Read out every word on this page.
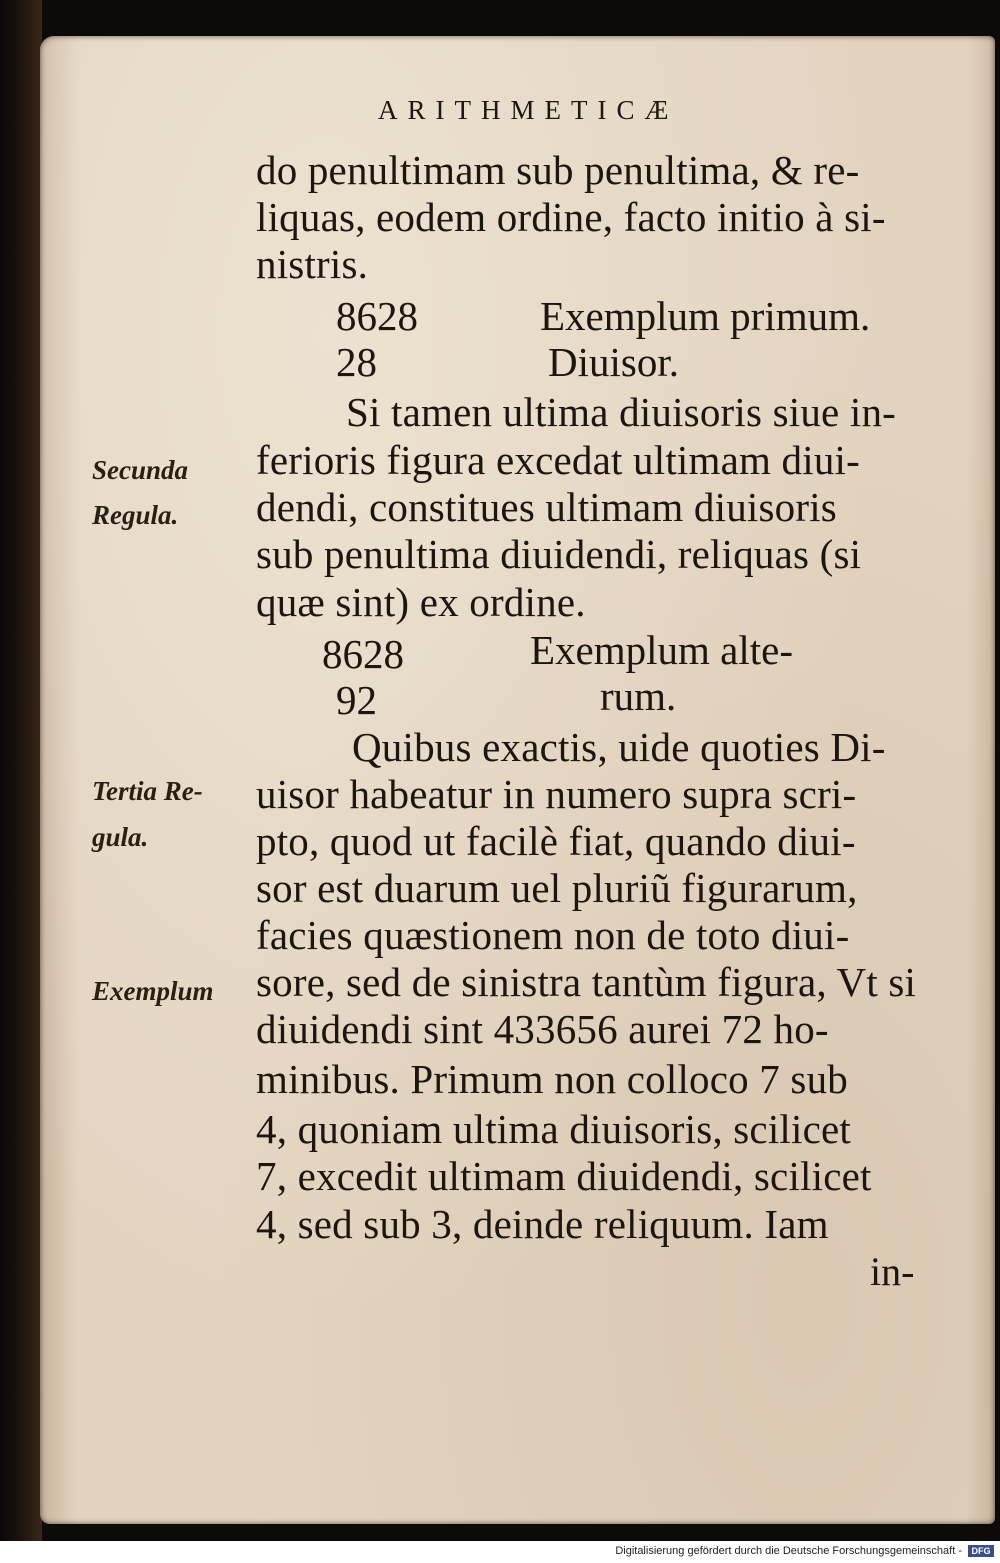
ARITHMETICÆ
do penultimam sub penultima, & re-
liquas, eodem ordine, facto initio à si-
nistris.
8628	Exemplum primum.
28	Diuisor.
Si tamen ultima diuisoris siue in-
ferioris figura excedat ultimam diui-
dendi, constitues ultimam diuisoris
sub penultima diuidendi, reliquas (si
quæ sint) ex ordine.
Secunda
Regula.
8628	Exemplum alte-
92	rum.
Quibus exactis, uide quoties Di-
uisor habeatur in numero supra scri-
pto, quod ut facilè fiat, quando diui-
sor est duarum uel pluriũ figurarum,
facies quæstionem non de toto diui-
sore, sed de sinistra tantùm figura, Vt si
diuidendi sint 433656 aurei 72 ho-
minibus. Primum non colloco 7 sub
4, quoniam ultima diuisoris, scilicet
7, excedit ultimam diuidendi, scilicet
4, sed sub 3, deinde reliquum. Iam
Tertia Re-
gula.
Exemplum
in-
Digitalisierung gefördert durch die Deutsche Forschungsgemeinschaft -	DFG
